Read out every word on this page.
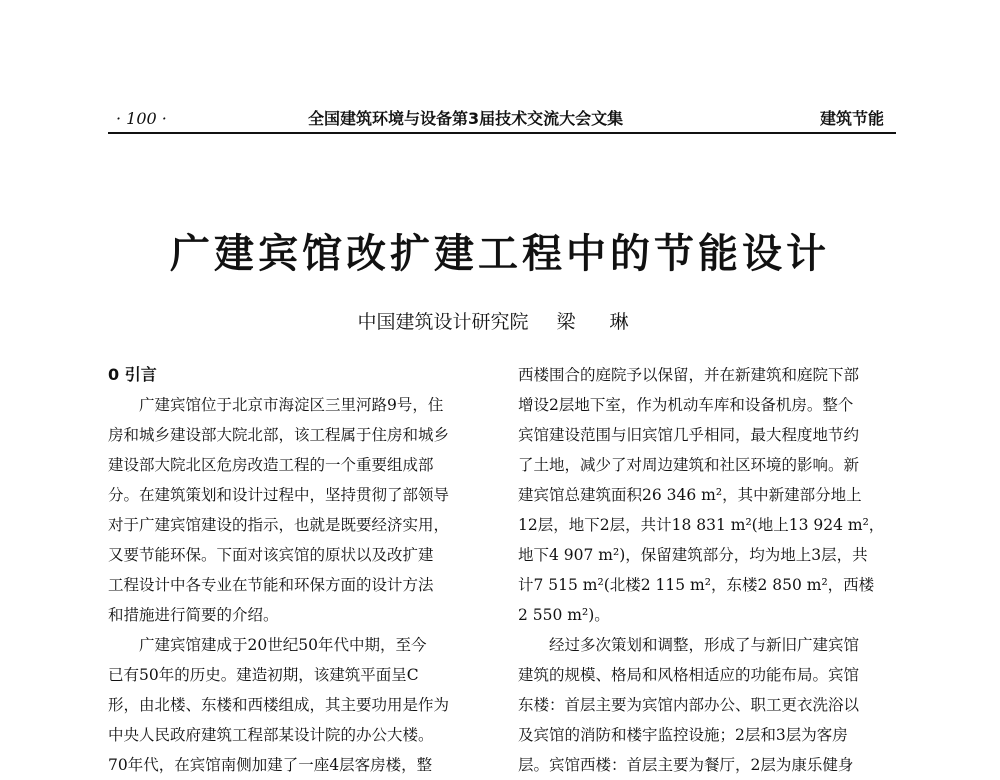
· 100 ·	全国建筑环境与设备第3届技术交流大会文集	建筑节能
广建宾馆改扩建工程中的节能设计
中国建筑设计研究院 梁 琳

0 引言

广建宾馆位于北京市海淀区三里河路9号，住
房和城乡建设部大院北部，该工程属于住房和城乡
建设部大院北区危房改造工程的一个重要组成部
分。在建筑策划和设计过程中，坚持贯彻了部领导
对于广建宾馆建设的指示，也就是既要经济实用，
又要节能环保。下面对该宾馆的原状以及改扩建
工程设计中各专业在节能和环保方面的设计方法
和措施进行简要的介绍。
广建宾馆建成于20世纪50年代中期，至今
已有50年的历史。建造初期，该建筑平面呈C
形，由北楼、东楼和西楼组成，其主要功用是作为
中央人民政府建筑工程部某设计院的办公大楼。
70年代，在宾馆南侧加建了一座4层客房楼，整
西楼围合的庭院予以保留，并在新建筑和庭院下部
增设2层地下室，作为机动车库和设备机房。整个
宾馆建设范围与旧宾馆几乎相同，最大程度地节约
了土地，减少了对周边建筑和社区环境的影响。新
建宾馆总建筑面积26 346 m²，其中新建部分地上
12层，地下2层，共计18 831 m²(地上13 924 m²，
地下4 907 m²)，保留建筑部分，均为地上3层，共
计7 515 m²(北楼2 115 m²，东楼2 850 m²，西楼
2 550 m²)。
经过多次策划和调整，形成了与新旧广建宾馆
建筑的规模、格局和风格相适应的功能布局。宾馆
东楼：首层主要为宾馆内部办公、职工更衣洗浴以
及宾馆的消防和楼宇监控设施；2层和3层为客房
层。宾馆西楼：首层主要为餐厅，2层为康乐健身
